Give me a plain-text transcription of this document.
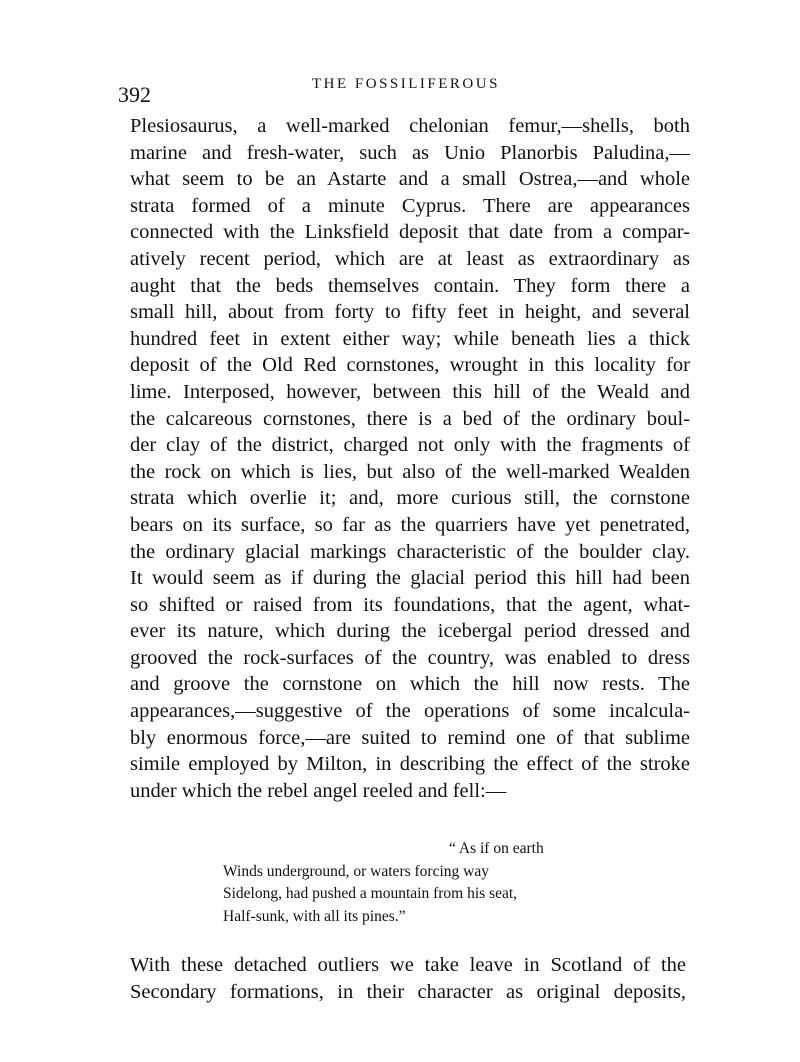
392	THE FOSSILIFEROUS
Plesiosaurus, a well-marked chelonian femur,—shells, both
marine and fresh-water, such as Unio Planorbis Paludina,—
what seem to be an Astarte and a small Ostrea,—and whole
strata formed of a minute Cyprus. There are appearances
connected with the Linksfield deposit that date from a compar-
atively recent period, which are at least as extraordinary as
aught that the beds themselves contain. They form there a
small hill, about from forty to fifty feet in height, and several
hundred feet in extent either way; while beneath lies a thick
deposit of the Old Red cornstones, wrought in this locality for
lime. Interposed, however, between this hill of the Weald and
the calcareous cornstones, there is a bed of the ordinary boul-
der clay of the district, charged not only with the fragments of
the rock on which is lies, but also of the well-marked Wealden
strata which overlie it; and, more curious still, the cornstone
bears on its surface, so far as the quarriers have yet penetrated,
the ordinary glacial markings characteristic of the boulder clay.
It would seem as if during the glacial period this hill had been
so shifted or raised from its foundations, that the agent, what-
ever its nature, which during the icebergal period dressed and
grooved the rock-surfaces of the country, was enabled to dress
and groove the cornstone on which the hill now rests. The
appearances,—suggestive of the operations of some incalcula-
bly enormous force,—are suited to remind one of that sublime
simile employed by Milton, in describing the effect of the stroke
under which the rebel angel reeled and fell:—
“ As if on earth
Winds underground, or waters forcing way
Sidelong, had pushed a mountain from his seat,
Half-sunk, with all its pines.”
With these detached outliers we take leave in Scotland of the
Secondary formations, in their character as original deposits,
